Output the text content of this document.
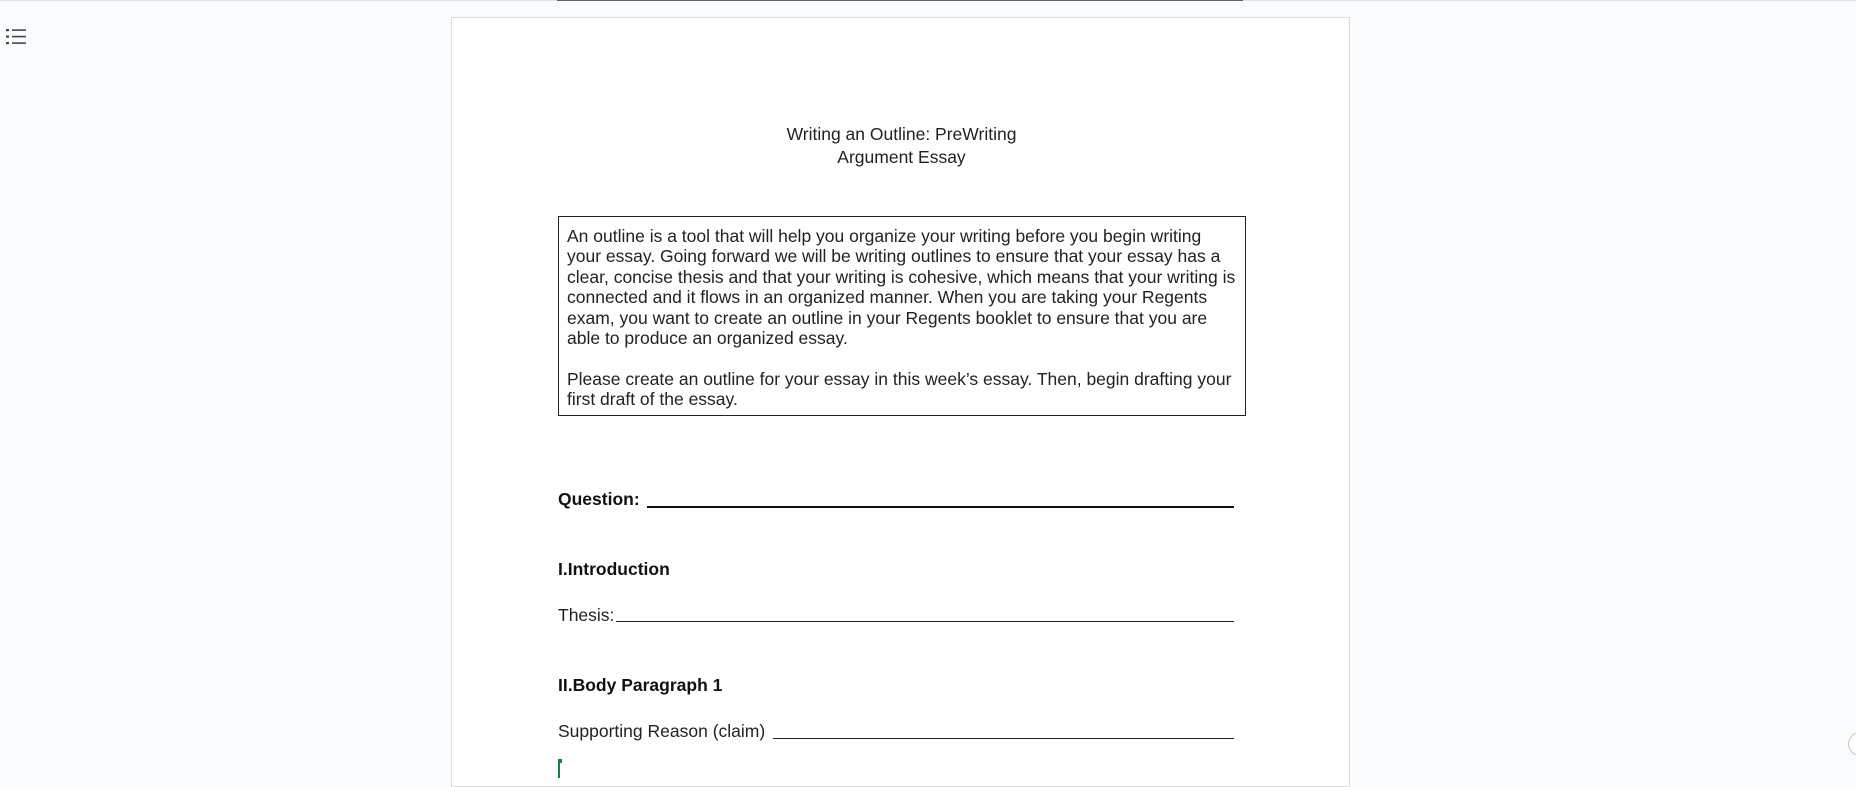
Writing an Outline: PreWriting
Argument Essay

An outline is a tool that will help you organize your writing before you begin writing your essay. Going forward we will be writing outlines to ensure that your essay has a clear, concise thesis and that your writing is cohesive, which means that your writing is connected and it flows in an organized manner. When you are taking your Regents exam, you want to create an outline in your Regents booklet to ensure that you are able to produce an organized essay.

Please create an outline for your essay in this week’s essay. Then, begin drafting your first draft of the essay.

Question:
I.Introduction
Thesis:
II.Body Paragraph 1
Supporting Reason (claim)
